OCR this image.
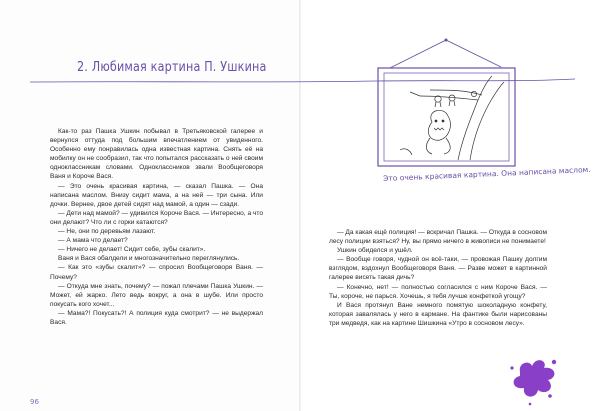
2. Любимая картина П. Ушкина

Как-то раз Пашка Ушкин побывал в Третьяковской галерее и вернулся оттуда под большим впечатлением от увиденного. Особенно ему понравилась одна известная картина. Снять её на мобилку он не сообразил, так что попытался рассказать о ней своим одноклассникам словами. Одноклассников звали Вообщеговоря Ваня и Короче Вася.

— Это очень красивая картина, — сказал Пашка. — Она написана маслом. Внизу сидит мама, а на ней — три сына. Или дочки. Вернее, двое детей сидят над мамой, а один — сзади.

— Дети над мамой? — удивился Короче Вася. — Интересно, а что они делают? Что ли с горки катаются?

— Не, они по деревьям лазают.

— А мама что делает?

— Ничего не делает! Сидит себе, зубы скалит».

Ваня и Вася обалдели и многозначительно переглянулись.

— Как это «зубы скалит»? — спросил Вообщеговоря Ваня. — Почему?

— Откуда мне знать, почему? — пожал плечами Пашка Ушкин. — Может, ей жарко. Лето ведь вокруг, а она в шубе. Или просто покусать кого хочет...

— Мама?! Покусать?! А полиция куда смотрит? — не выдержал Вася.

— Да какая ещё полиция! — вскричал Пашка. — Откуда в сосновом лесу полиции взяться? Ну, вы прямо ничего в живописи не понимаете!

Ушкин обиделся и ушёл.

— Вообще говоря, чудной он всё-таки, — провожая Пашку долгим взглядом, вздохнул Вообщеговоря Ваня. — Разве может в картинной галерее висеть такая дичь?

— Конечно, нет! — полностью согласился с ним Короче Вася. — Ты, короче, не парься. Хочешь, я тебя лучше конфеткой угощу?

И Вася протянул Ване немного помятую шоколадную конфету, которая завалялась у него в кармане. На фантике были нарисованы три медведя, как на картине Шишкина «Утро в сосновом лесу».

96
Это очень красивая картина. Она написана маслом.
